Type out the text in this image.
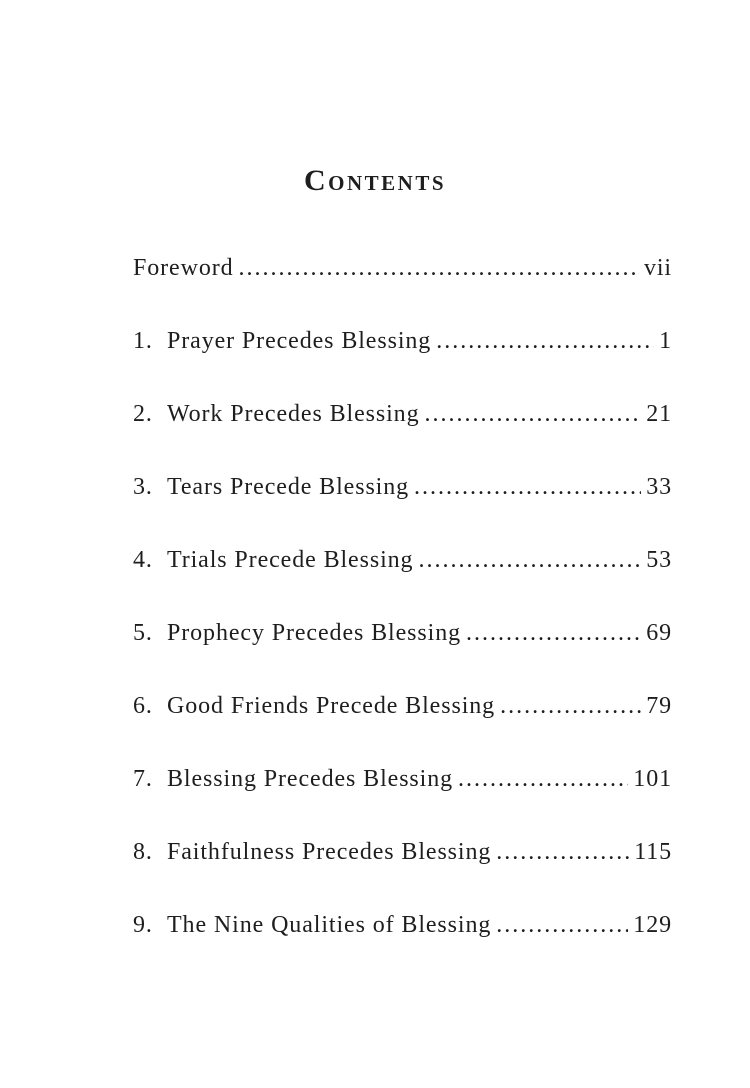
Contents
Foreword .....	vii
1. Prayer Precedes Blessing .....	1
2. Work Precedes Blessing .....	21
3. Tears Precede Blessing .....	33
4. Trials Precede Blessing .....	53
5. Prophecy Precedes Blessing .....	69
6. Good Friends Precede Blessing .....	79
7. Blessing Precedes Blessing .....	101
8. Faithfulness Precedes Blessing .....	115
9. The Nine Qualities of Blessing .....	129
